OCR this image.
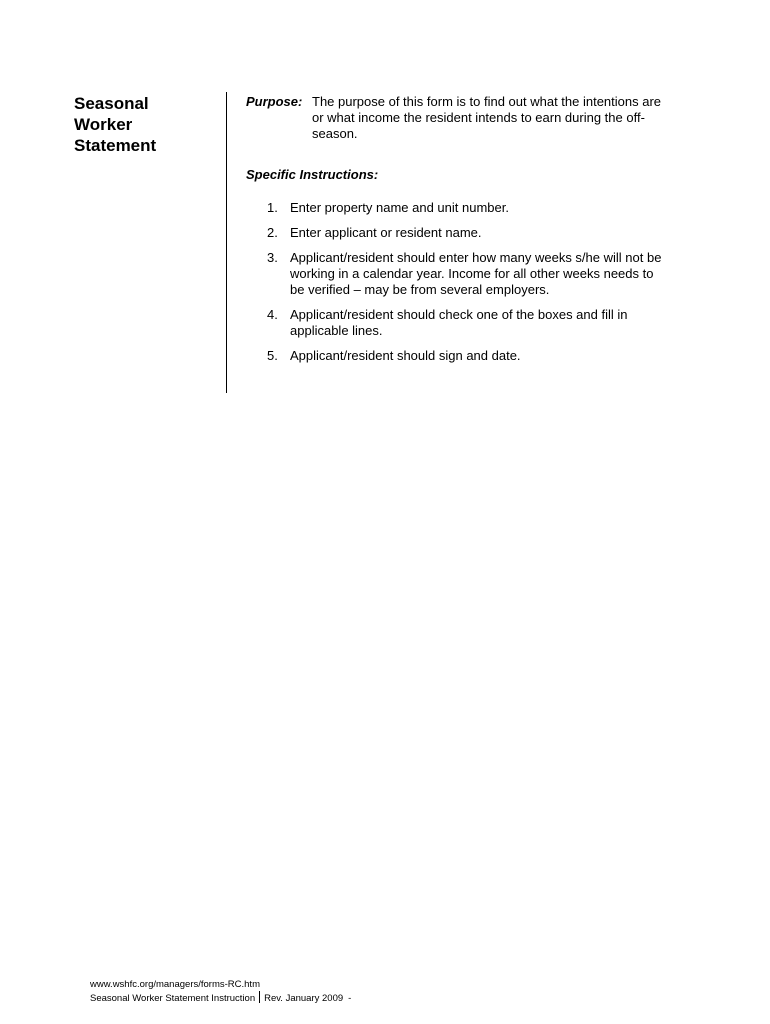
Seasonal
Worker
Statement
Purpose: The purpose of this form is to find out what the intentions are
or what income the resident intends to earn during the off-
season.
Specific Instructions:
1. Enter property name and unit number.
2. Enter applicant or resident name.
3. Applicant/resident should enter how many weeks s/he will not be
working in a calendar year. Income for all other weeks needs to
be verified – may be from several employers.
4. Applicant/resident should check one of the boxes and fill in
applicable lines.
5. Applicant/resident should sign and date.
www.wshfc.org/managers/forms-RC.htm
Seasonal Worker Statement Instruction Rev. January 2009 -
